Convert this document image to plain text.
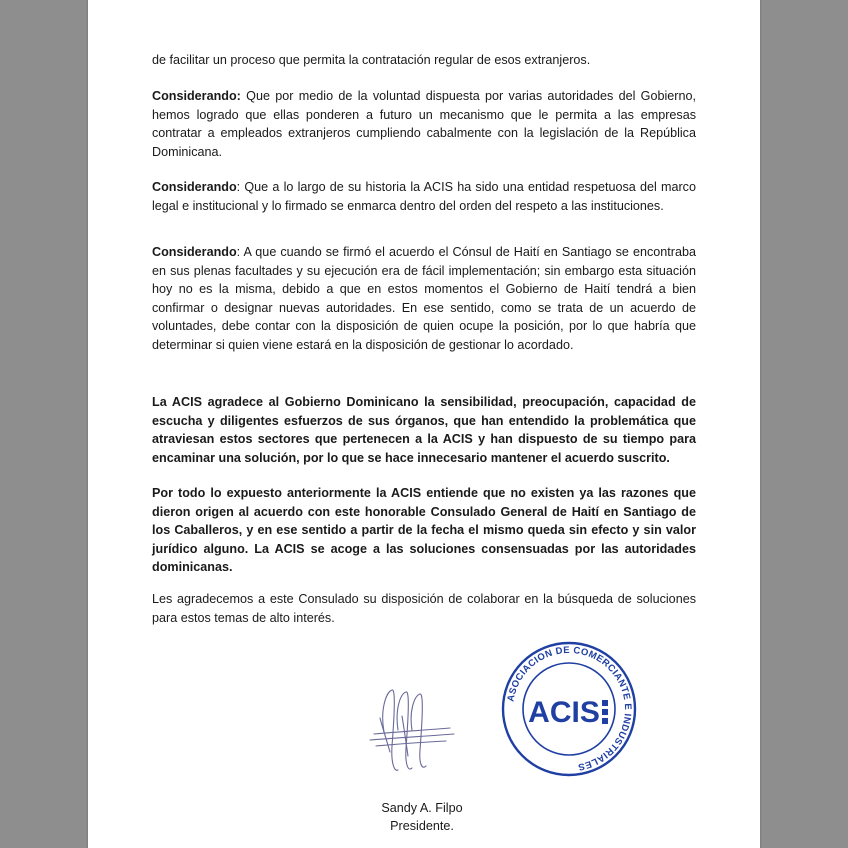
de facilitar un proceso que permita la contratación regular de esos extranjeros.

Considerando: Que por medio de la voluntad dispuesta por varias autoridades del Gobierno, hemos logrado que ellas ponderen a futuro un mecanismo que le permita a las empresas contratar a empleados extranjeros cumpliendo cabalmente con la legislación de la República Dominicana.

Considerando: Que a lo largo de su historia la ACIS ha sido una entidad respetuosa del marco legal e institucional y lo firmado se enmarca dentro del orden del respeto a las instituciones.

Considerando: A que cuando se firmó el acuerdo el Cónsul de Haití en Santiago se encontraba en sus plenas facultades y su ejecución era de fácil implementación; sin embargo esta situación hoy no es la misma, debido a que en estos momentos el Gobierno de Haití tendrá a bien confirmar o designar nuevas autoridades. En ese sentido, como se trata de un acuerdo de voluntades, debe contar con la disposición de quien ocupe la posición, por lo que habría que determinar si quien viene estará en la disposición de gestionar lo acordado.

La ACIS agradece al Gobierno Dominicano la sensibilidad, preocupación, capacidad de escucha y diligentes esfuerzos de sus órganos, que han entendido la problemática que atraviesan estos sectores que pertenecen a la ACIS y han dispuesto de su tiempo para encaminar una solución, por lo que se hace innecesario mantener el acuerdo suscrito.

Por todo lo expuesto anteriormente la ACIS entiende que no existen ya las razones que dieron origen al acuerdo con este honorable Consulado General de Haití en Santiago de los Caballeros, y en ese sentido a partir de la fecha el mismo queda sin efecto y sin valor jurídico alguno. La ACIS se acoge a las soluciones consensuadas por las autoridades dominicanas.

Les agradecemos a este Consulado su disposición de colaborar en la búsqueda de soluciones para estos temas de alto interés.

ASOCIACION DE COMERCIANTE E INDUSTRIALES
ACIS
Sandy A. Filpo
Presidente.
